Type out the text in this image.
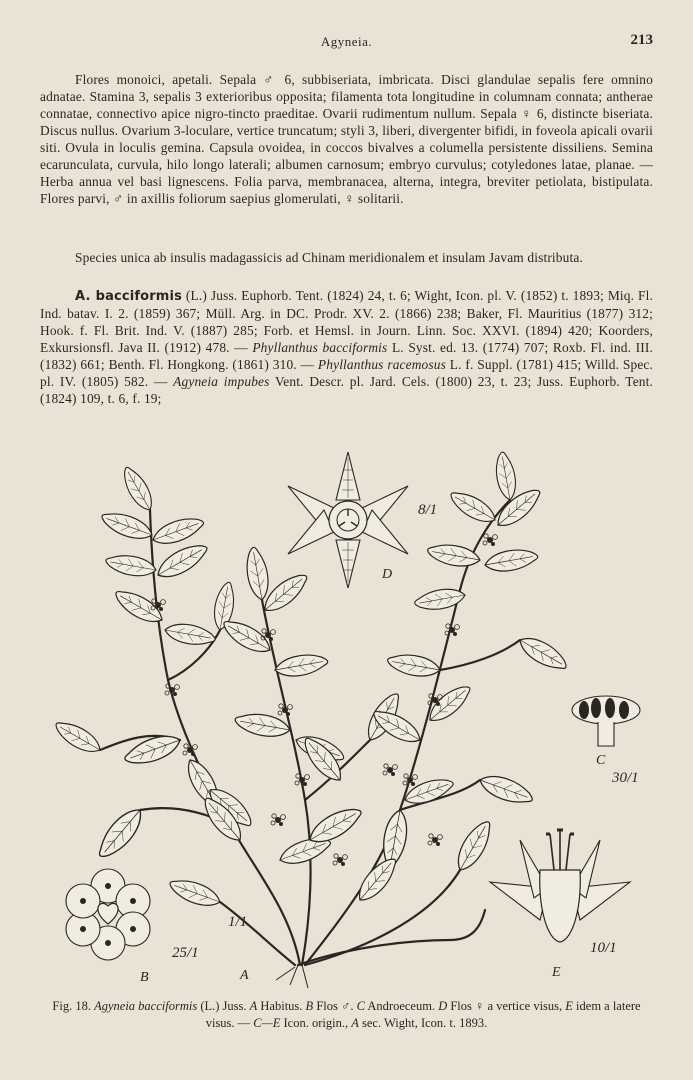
Agyneia.	213
Flores monoici, apetali. Sepala ♂ 6, subbiseriata, imbricata. Disci glandulae sepalis fere omnino adnatae. Stamina 3, sepalis 3 exterioribus opposita; filamenta tota longitudine in columnam connata; antherae connatae, connectivo apice nigro-tincto praeditae. Ovarii rudimentum nullum. Sepala ♀ 6, distincte biseriata. Discus nullus. Ovarium 3-loculare, vertice truncatum; styli 3, liberi, divergenter bifidi, in foveola apicali ovarii siti. Ovula in loculis gemina. Capsula ovoidea, in coccos bivalves a columella persistente dissiliens. Semina ecarunculata, curvula, hilo longo laterali; albumen carnosum; embryo curvulus; cotyledones latae, planae. — Herba annua vel basi lignescens. Folia parva, membranacea, alterna, integra, breviter petiolata, bistipulata. Flores parvi, ♂ in axillis foliorum saepius glomerulati, ♀ solitarii.
Species unica ab insulis madagassicis ad Chinam meridionalem et insulam Javam distributa.
A. bacciformis (L.) Juss. Euphorb. Tent. (1824) 24, t. 6; Wight, Icon. pl. V. (1852) t. 1893; Miq. Fl. Ind. batav. I. 2. (1859) 367; Müll. Arg. in DC. Prodr. XV. 2. (1866) 238; Baker, Fl. Mauritius (1877) 312; Hook. f. Fl. Brit. Ind. V. (1887) 285; Forb. et Hemsl. in Journ. Linn. Soc. XXVI. (1894) 420; Koorders, Exkursionsfl. Java II. (1912) 478. — Phyllanthus bacciformis L. Syst. ed. 13. (1774) 707; Roxb. Fl. ind. III. (1832) 661; Benth. Fl. Hongkong. (1861) 310. — Phyllanthus racemosus L. f. Suppl. (1781) 415; Willd. Spec. pl. IV. (1805) 582. — Agyneia impubes Vent. Descr. pl. Jard. Cels. (1800) 23, t. 23; Juss. Euphorb. Tent. (1824) 109, t. 6, f. 19;
A
B
C
D
E
1/1
25/1
30/1
8/1
10/1
Fig. 18. Agyneia bacciformis (L.) Juss. A Habitus. B Flos ♂. C Androeceum. D Flos ♀ a vertice visus, E idem a latere visus. — C—E Icon. origin., A sec. Wight, Icon. t. 1893.
